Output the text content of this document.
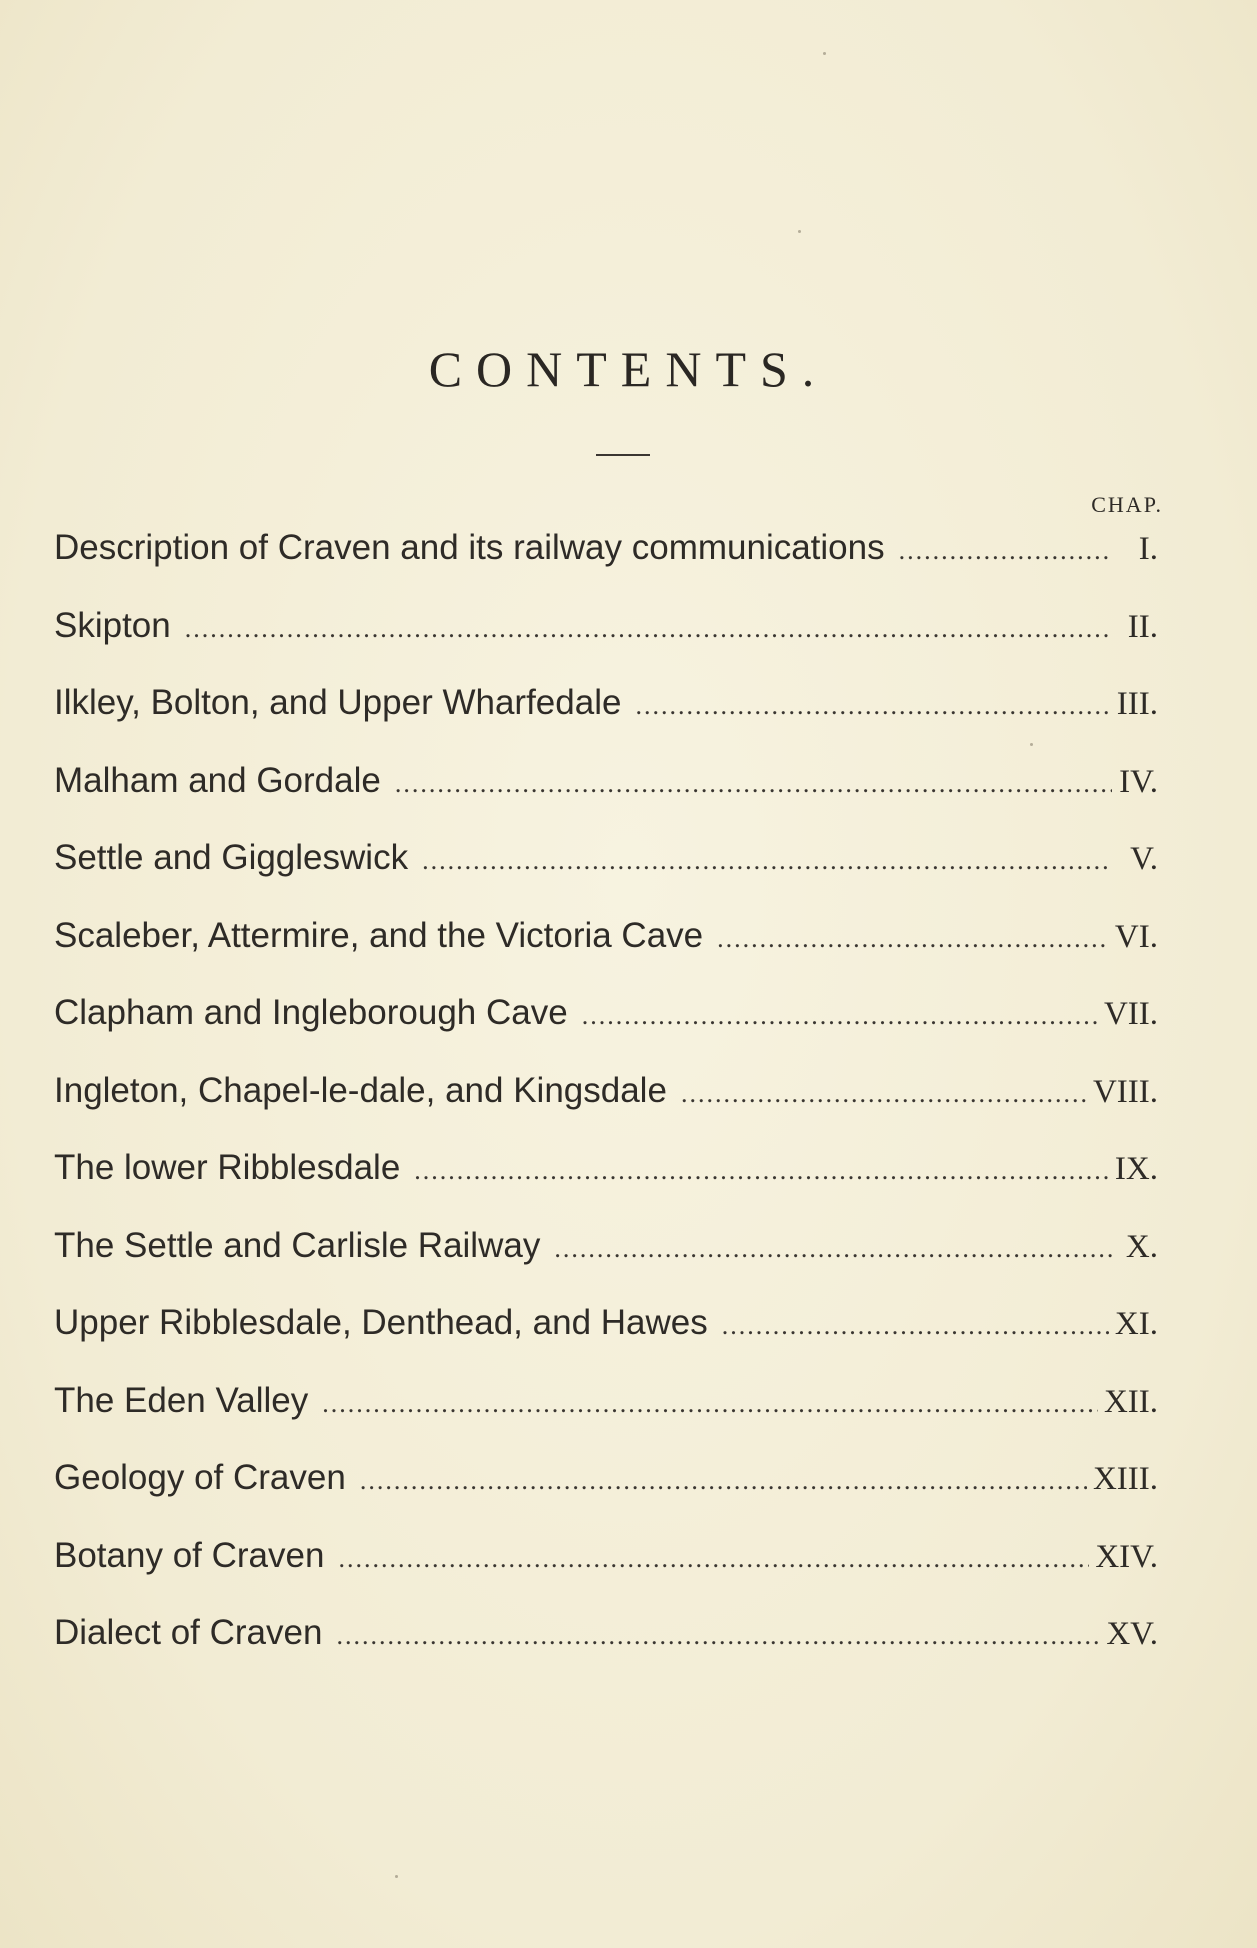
CONTENTS.
CHAP.
Description of Craven and its railway communications .....	I.
Skipton .....	II.
Ilkley, Bolton, and Upper Wharfedale .....	III.
Malham and Gordale .....	IV.
Settle and Giggleswick .....	V.
Scaleber, Attermire, and the Victoria Cave .....	VI.
Clapham and Ingleborough Cave .....	VII.
Ingleton, Chapel-le-dale, and Kingsdale .....	VIII.
The lower Ribblesdale .....	IX.
The Settle and Carlisle Railway .....	X.
Upper Ribblesdale, Denthead, and Hawes .....	XI.
The Eden Valley .....	XII.
Geology of Craven .....	XIII.
Botany of Craven .....	XIV.
Dialect of Craven .....	XV.
